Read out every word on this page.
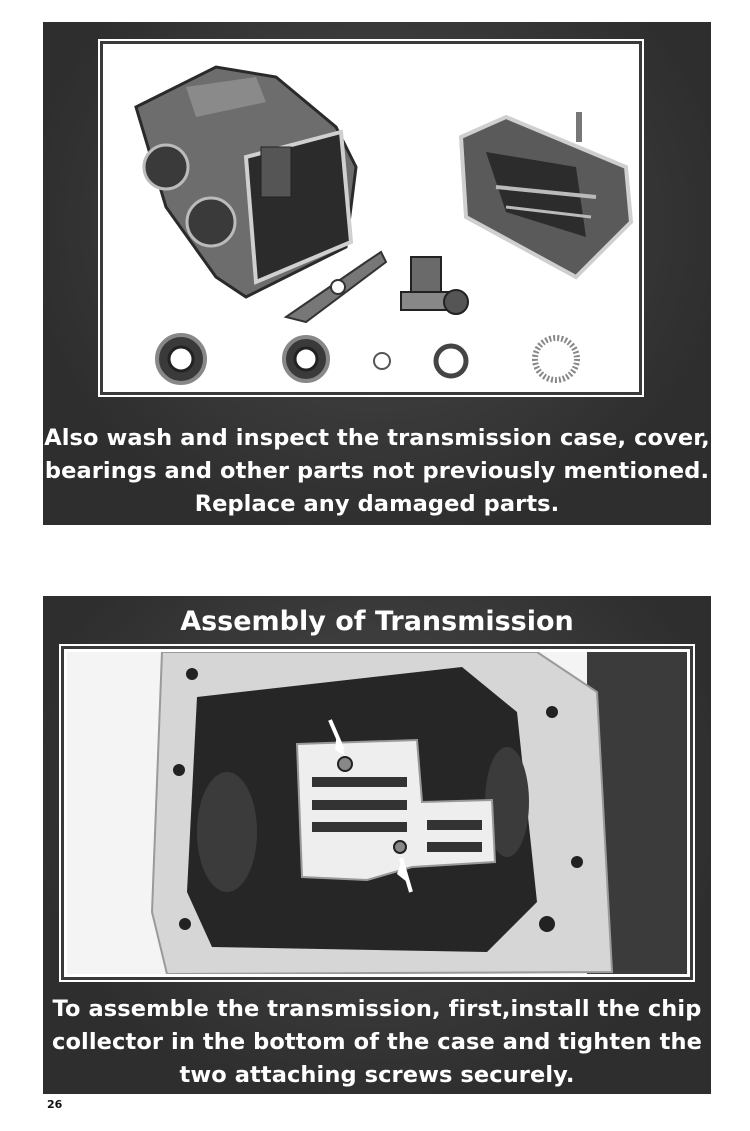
Also wash and inspect the transmission case, cover,
bearings and other parts not previously mentioned.
Replace any damaged parts.
Assembly of Transmission
To assemble the transmission, first,install the chip
collector in the bottom of the case and tighten the
two attaching screws securely.
26
